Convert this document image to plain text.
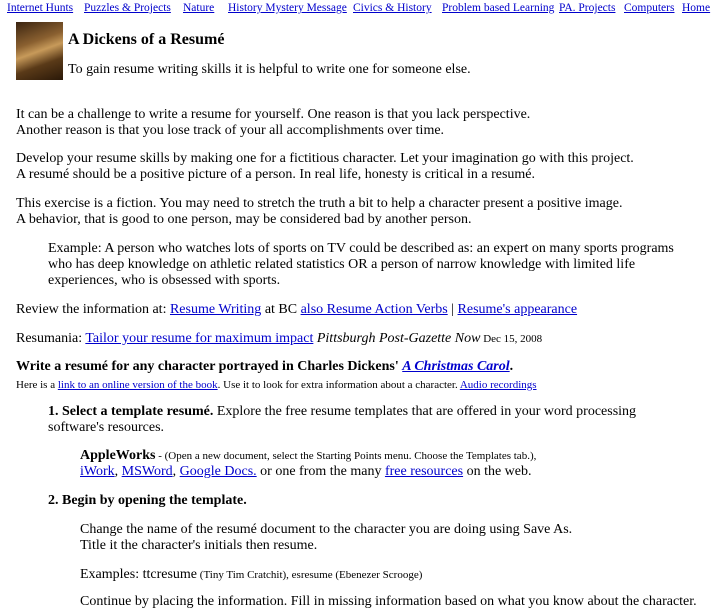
Internet Hunts Puzzles & Projects Nature History Mystery Message Civics & History Problem based Learning PA. Projects Computers Home
A Dickens of a Resumé
To gain resume writing skills it is helpful to write one for someone else.
It can be a challenge to write a resume for yourself. One reason is that you lack perspective.
Another reason is that you lose track of your all accomplishments over time.
Develop your resume skills by making one for a fictitious character. Let your imagination go with this project.
A resumé should be a positive picture of a person. In real life, honesty is critical in a resumé.
This exercise is a fiction. You may need to stretch the truth a bit to help a character present a positive image.
A behavior, that is good to one person, may be considered bad by another person.
Example: A person who watches lots of sports on TV could be described as: an expert on many sports programs who has deep knowledge on athletic related statistics OR a person of narrow knowledge with limited life experiences, who is obsessed with sports.
Review the information at: Resume Writing at BC also Resume Action Verbs | Resume's appearance
Resumania: Tailor your resume for maximum impact Pittsburgh Post-Gazette Now Dec 15, 2008
Write a resumé for any character portrayed in Charles Dickens' A Christmas Carol.
Here is a link to an online version of the book. Use it to look for extra information about a character. Audio recordings
1. Select a template resumé. Explore the free resume templates that are offered in your word processing software's resources.
AppleWorks - (Open a new document, select the Starting Points menu. Choose the Templates tab.),
iWork, MSWord, Google Docs. or one from the many free resources on the web.
2. Begin by opening the template.
Change the name of the resumé document to the character you are doing using Save As.
Title it the character's initials then resume.
Examples: ttcresume (Tiny Tim Cratchit), esresume (Ebenezer Scrooge)
Continue by placing the information. Fill in missing information based on what you know about the character.
